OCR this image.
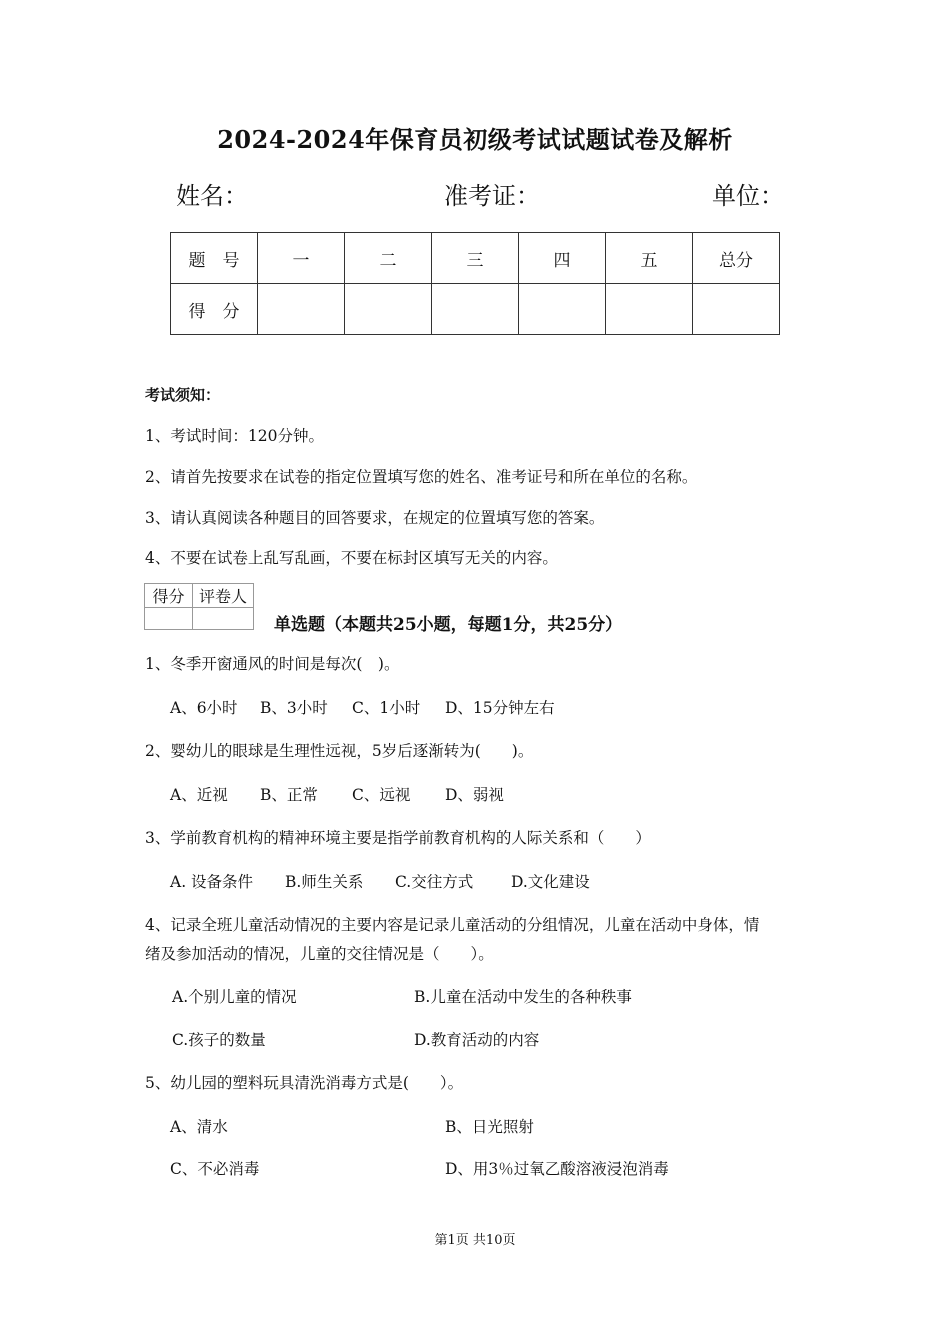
2024-2024年保育员初级考试试题试卷及解析
姓名：	准考证：	单位：
题　号	一	二	三	四	五	总分
得　分						
考试须知：
1、考试时间：120分钟。
2、请首先按要求在试卷的指定位置填写您的姓名、准考证号和所在单位的名称。
3、请认真阅读各种题目的回答要求，在规定的位置填写您的答案。
4、不要在试卷上乱写乱画，不要在标封区填写无关的内容。
得分	评卷人

单选题（本题共25小题，每题1分，共25分）
1、冬季开窗通风的时间是每次(　)。
A、6小时 B、3小时 C、1小时 D、15分钟左右
2、婴幼儿的眼球是生理性远视，5岁后逐渐转为(　　)。
A、近视 B、正常 C、远视 D、弱视
3、学前教育机构的精神环境主要是指学前教育机构的人际关系和（　　）
A. 设备条件 B.师生关系 C.交往方式 D.文化建设
4、记录全班儿童活动情况的主要内容是记录儿童活动的分组情况，儿童在活动中身体，情
绪及参加活动的情况，儿童的交往情况是（　　）。
A.个别儿童的情况	B.儿童在活动中发生的各种秩事
C.孩子的数量	D.教育活动的内容
5、幼儿园的塑料玩具清洗消毒方式是(　　）。
A、清水	B、日光照射
C、不必消毒	D、用3％过氧乙酸溶液浸泡消毒
第1页 共10页
